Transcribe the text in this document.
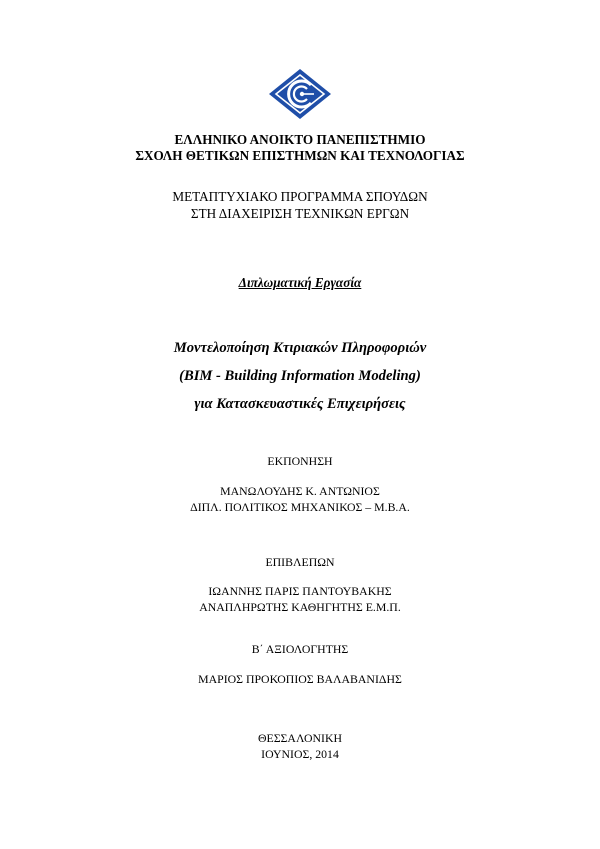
ΕΛΛΗΝΙΚΟ ΑΝΟΙΚΤΟ ΠΑΝΕΠΙΣΤΗΜΙΟ
ΣΧΟΛΗ ΘΕΤΙΚΩΝ ΕΠΙΣΤΗΜΩΝ ΚΑΙ ΤΕΧΝΟΛΟΓΙΑΣ
ΜΕΤΑΠΤΥΧΙΑΚΟ ΠΡΟΓΡΑΜΜΑ ΣΠΟΥΔΩΝ
ΣΤΗ ΔΙΑΧΕΙΡΙΣΗ ΤΕΧΝΙΚΩΝ ΕΡΓΩΝ
Διπλωματική Εργασία
Μοντελοποίηση Κτιριακών Πληροφοριών
(BIM - Building Information Modeling)
για Κατασκευαστικές Επιχειρήσεις
ΕΚΠΟΝΗΣΗ
ΜΑΝΩΛΟΥΔΗΣ Κ. ΑΝΤΩΝΙΟΣ
ΔΙΠΛ. ΠΟΛΙΤΙΚΟΣ ΜΗΧΑΝΙΚΟΣ – Μ.Β.Α.
ΕΠΙΒΛΕΠΩΝ
ΙΩΑΝΝΗΣ ΠΑΡΙΣ ΠΑΝΤΟΥΒΑΚΗΣ
ΑΝΑΠΛΗΡΩΤΗΣ ΚΑΘΗΓΗΤΗΣ Ε.Μ.Π.
Β΄ ΑΞΙΟΛΟΓΗΤΗΣ
ΜΑΡΙΟΣ ΠΡΟΚΟΠΙΟΣ ΒΑΛΑΒΑΝΙΔΗΣ
ΘΕΣΣΑΛΟΝΙΚΗ
ΙΟΥΝΙΟΣ, 2014
